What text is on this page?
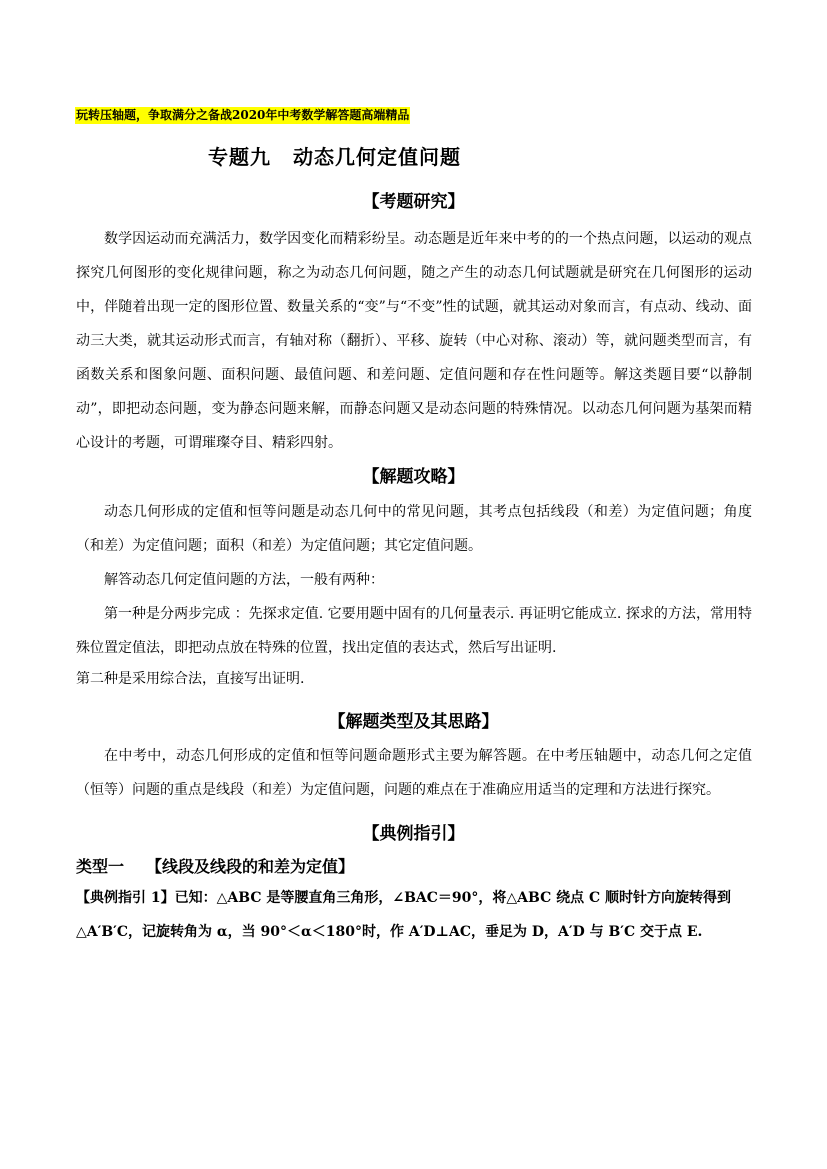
玩转压轴题，争取满分之备战2020年中考数学解答题高端精品
专题九 动态几何定值问题
【考题研究】
数学因运动而充满活力，数学因变化而精彩纷呈。动态题是近年来中考的的一个热点问题，以运动的观点探究几何图形的变化规律问题，称之为动态几何问题，随之产生的动态几何试题就是研究在几何图形的运动中，伴随着出现一定的图形位置、数量关系的“变”与“不变”性的试题，就其运动对象而言，有点动、线动、面动三大类，就其运动形式而言，有轴对称（翻折）、平移、旋转（中心对称、滚动）等，就问题类型而言，有函数关系和图象问题、面积问题、最值问题、和差问题、定值问题和存在性问题等。解这类题目要“以静制动”，即把动态问题，变为静态问题来解，而静态问题又是动态问题的特殊情况。以动态几何问题为基架而精心设计的考题，可谓璀璨夺目、精彩四射。
【解题攻略】
动态几何形成的定值和恒等问题是动态几何中的常见问题，其考点包括线段（和差）为定值问题；角度（和差）为定值问题；面积（和差）为定值问题；其它定值问题。
解答动态几何定值问题的方法，一般有两种：
第一种是分两步完成 ：先探求定值. 它要用题中固有的几何量表示. 再证明它能成立. 探求的方法，常用特殊位置定值法，即把动点放在特殊的位置，找出定值的表达式，然后写出证明.
第二种是采用综合法，直接写出证明.
【解题类型及其思路】
在中考中，动态几何形成的定值和恒等问题命题形式主要为解答题。在中考压轴题中，动态几何之定值（恒等）问题的重点是线段（和差）为定值问题，问题的难点在于准确应用适当的定理和方法进行探究。
【典例指引】
类型一 【线段及线段的和差为定值】
【典例指引 1】已知：△ABC 是等腰直角三角形，∠BAC＝90°，将△ABC 绕点 C 顺时针方向旋转得到
△A′B′C，记旋转角为 α，当 90°＜α＜180°时，作 A′D⊥AC，垂足为 D，A′D 与 B′C 交于点 E.
